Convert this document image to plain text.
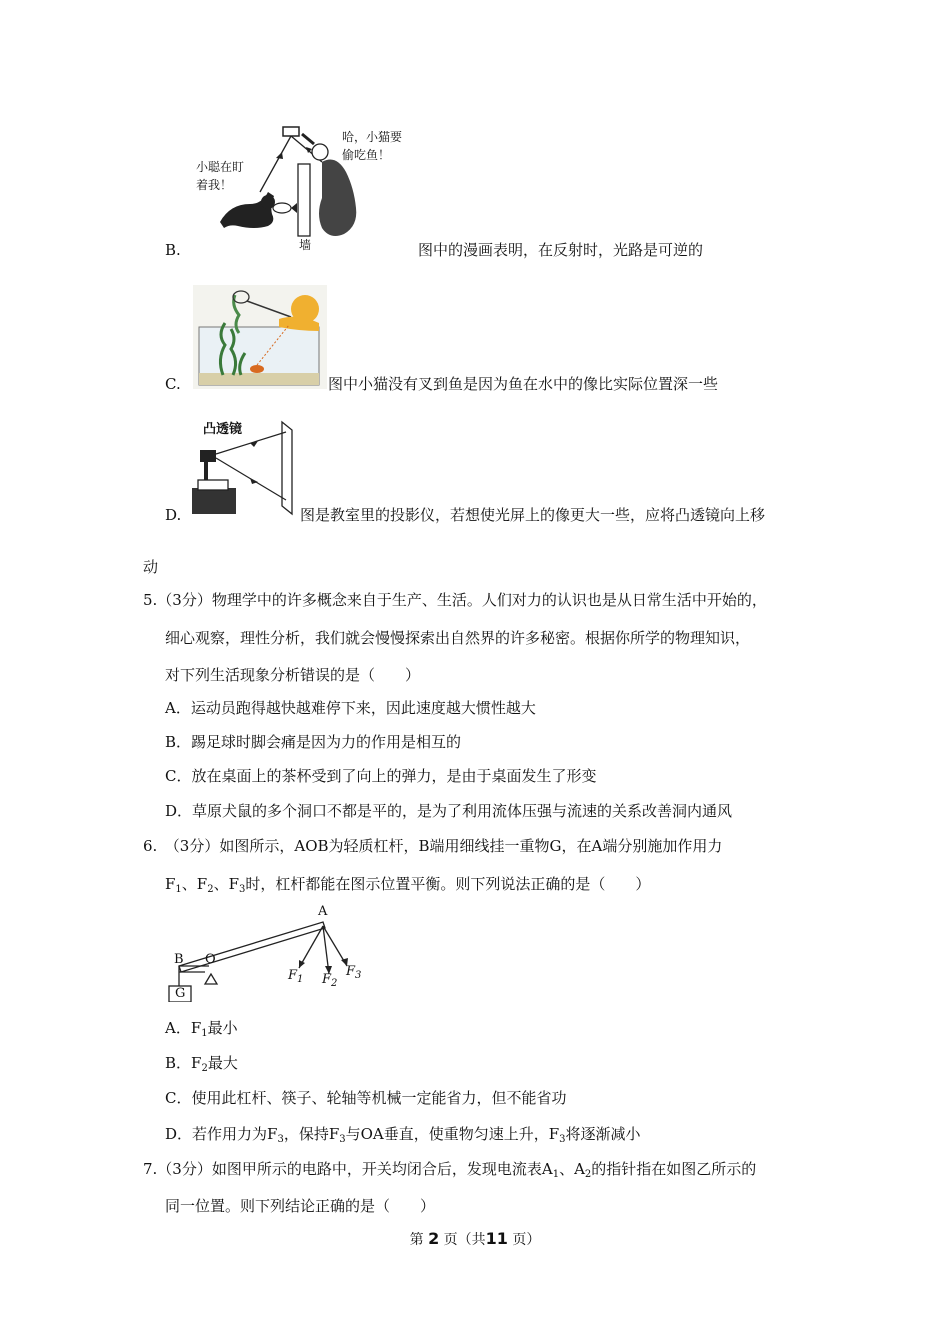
小聪在盯
着我！
哈，小猫要
偷吃鱼！
墙
B.	图中的漫画表明，在反射时，光路是可逆的
C.	图中小猫没有叉到鱼是因为鱼在水中的像比实际位置深一些
凸透镜
D.	图是教室里的投影仪，若想使光屏上的像更大一些，应将凸透镜向上移
动
5.（3分）物理学中的许多概念来自于生产、生活。人们对力的认识也是从日常生活中开始的，
细心观察，理性分析，我们就会慢慢探索出自然界的许多秘密。根据你所学的物理知识，
对下列生活现象分析错误的是（　　）
A．运动员跑得越快越难停下来，因此速度越大惯性越大
B．踢足球时脚会痛是因为力的作用是相互的
C．放在桌面上的茶杯受到了向上的弹力，是由于桌面发生了形变
D．草原犬鼠的多个洞口不都是平的，是为了利用流体压强与流速的关系改善洞内通风
6.　（3分）如图所示，AOB为轻质杠杆，B端用细线挂一重物G，在A端分别施加作用力
$F_1$、$F_2$、$F_3$时，杠杆都能在图示位置平衡。则下列说法正确的是（　　）
B O
A
G
$F_1$ $F_2$
$F_3$
A．$F_1$最小
B．$F_2$最大
C．使用此杠杆、筷子、轮轴等机械一定能省力，但不能省功
D．若作用力为$F_3$，保持$F_3$与OA垂直，使重物匀速上升，$F_3$将逐渐减小
7.（3分）如图甲所示的电路中，开关均闭合后，发现电流表$A_1$、$A_2$的指针指在如图乙所示的
同一位置。则下列结论正确的是（　　）
第 2 页（共11 页）
